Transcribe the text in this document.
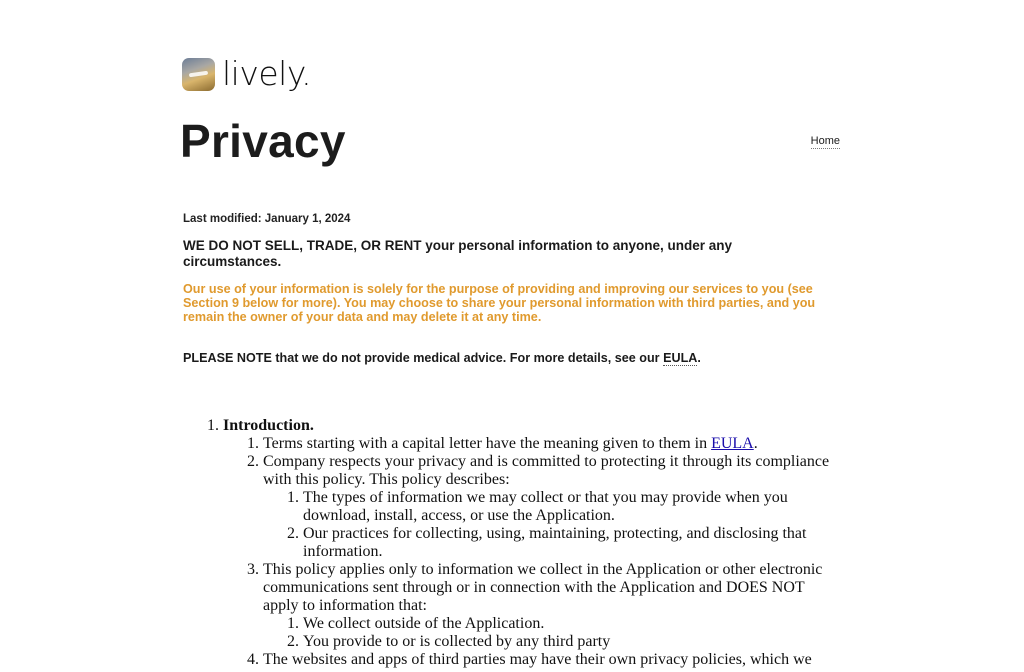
lively.
Privacy	Home
Last modified: January 1, 2024
WE DO NOT SELL, TRADE, OR RENT your personal information to anyone, under any circumstances.
Our use of your information is solely for the purpose of providing and improving our services to you (see Section 9 below for more). You may choose to share your personal information with third parties, and you remain the owner of your data and may delete it at any time.
PLEASE NOTE that we do not provide medical advice. For more details, see our EULA.
1. Introduction.
1. Terms starting with a capital letter have the meaning given to them in EULA.
2. Company respects your privacy and is committed to protecting it through its compliance with this policy. This policy describes:
1. The types of information we may collect or that you may provide when you download, install, access, or use the Application.
2. Our practices for collecting, using, maintaining, protecting, and disclosing that information.
3. This policy applies only to information we collect in the Application or other electronic communications sent through or in connection with the Application and DOES NOT apply to information that:
1. We collect outside of the Application.
2. You provide to or is collected by any third party
4. The websites and apps of third parties may have their own privacy policies, which we
